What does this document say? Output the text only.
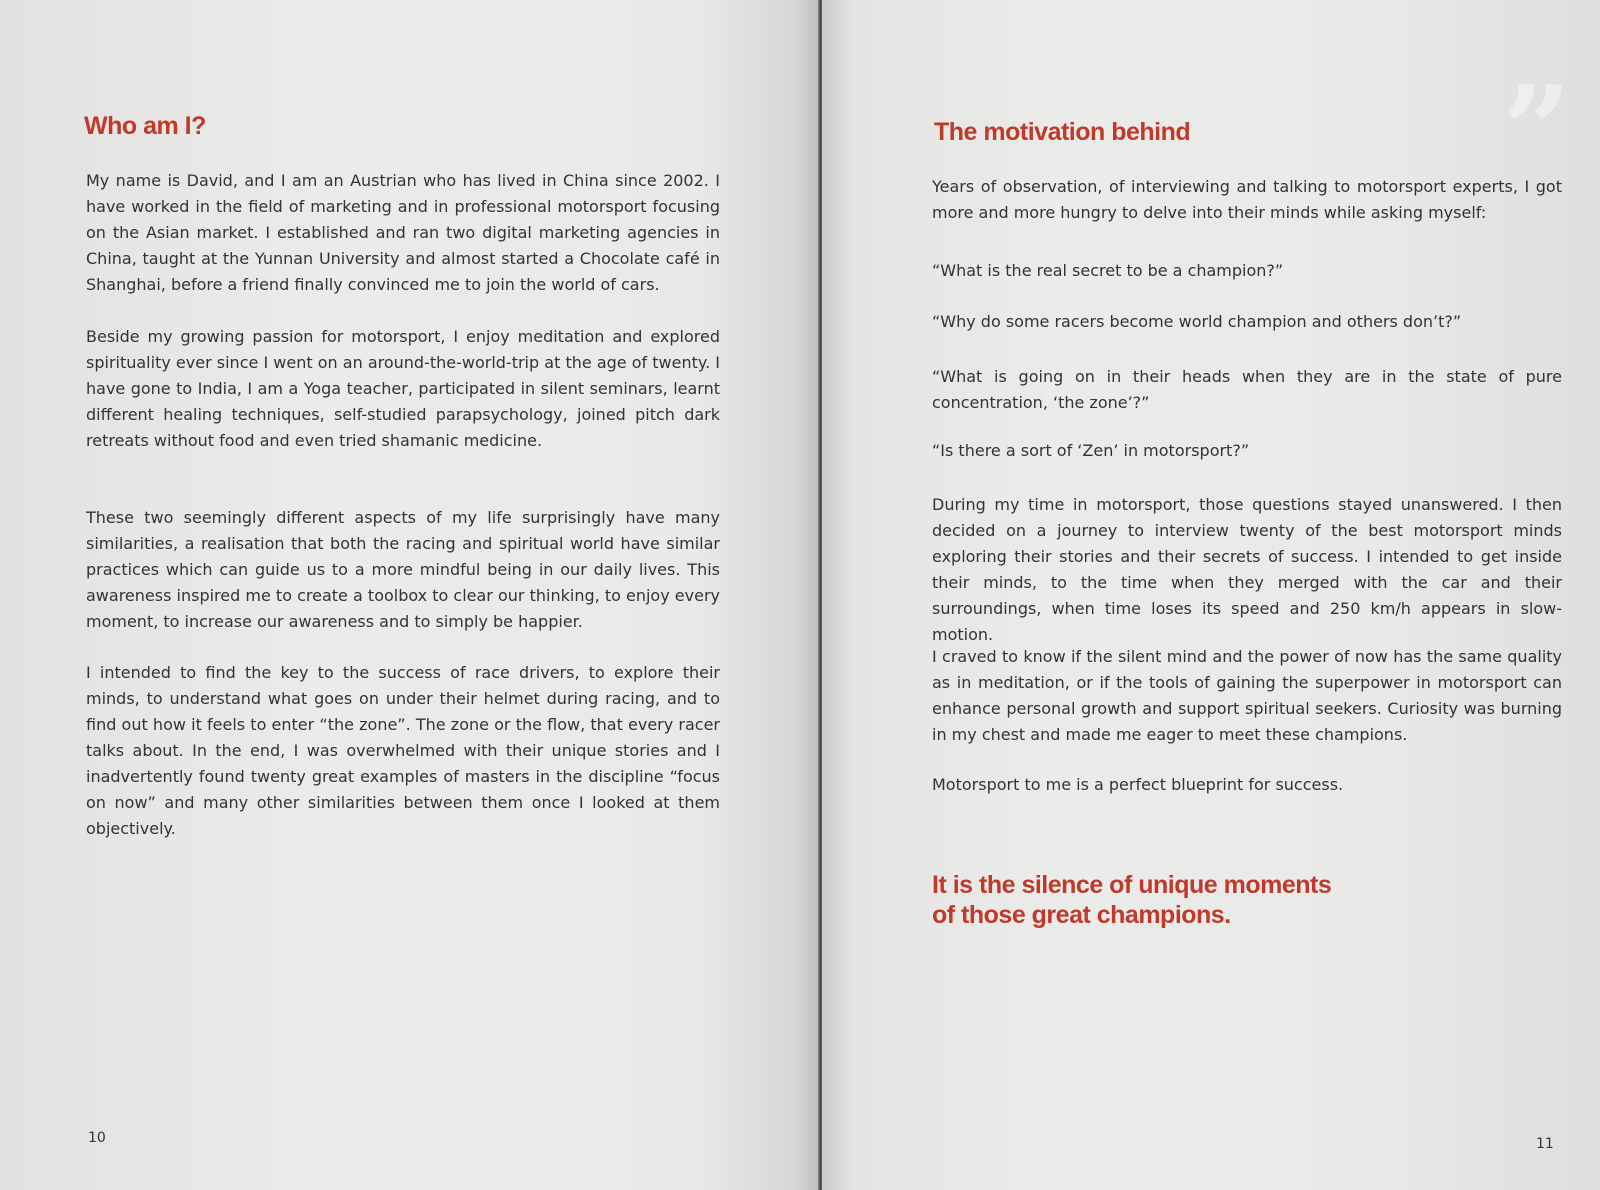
Who am I?

My name is David, and I am an Austrian who has lived in China since 2002. I have worked in the field of marketing and in professional motorsport focusing on the Asian market. I established and ran two digital marketing agencies in China, taught at the Yunnan University and almost started a Chocolate café in Shanghai, before a friend finally convinced me to join the world of cars.

Beside my growing passion for motorsport, I enjoy meditation and explored spirituality ever since I went on an around-the-world-trip at the age of twenty. I have gone to India, I am a Yoga teacher, participated in silent seminars, learnt different healing techniques, self-studied parapsychology, joined pitch dark retreats without food and even tried shamanic medicine.

These two seemingly different aspects of my life surprisingly have many similarities, a realisation that both the racing and spiritual world have similar practices which can guide us to a more mindful being in our daily lives. This awareness inspired me to create a toolbox to clear our thinking, to enjoy every moment, to increase our awareness and to simply be happier.

I intended to find the key to the success of race drivers, to explore their minds, to understand what goes on under their helmet during racing, and to find out how it feels to enter “the zone”. The zone or the flow, that every racer talks about. In the end, I was overwhelmed with their unique stories and I inadvertently found twenty great examples of masters in the discipline “focus on now” and many other similarities between them once I looked at them objectively.

10
”
The motivation behind

Years of observation, of interviewing and talking to motorsport experts, I got more and more hungry to delve into their minds while asking myself:

“What is the real secret to be a champion?”

“Why do some racers become world champion and others don’t?”

“What is going on in their heads when they are in the state of pure concentration, ‘the zone’?”

“Is there a sort of ‘Zen’ in motorsport?”

During my time in motorsport, those questions stayed unanswered. I then decided on a journey to interview twenty of the best motorsport minds exploring their stories and their secrets of success. I intended to get inside their minds, to the time when they merged with the car and their surroundings, when time loses its speed and 250 km/h appears in slow-motion.

I craved to know if the silent mind and the power of now has the same quality as in meditation, or if the tools of gaining the superpower in motorsport can enhance personal growth and support spiritual seekers. Curiosity was burning in my chest and made me eager to meet these champions.

Motorsport to me is a perfect blueprint for success.

It is the silence of unique moments

of those great champions.

11
